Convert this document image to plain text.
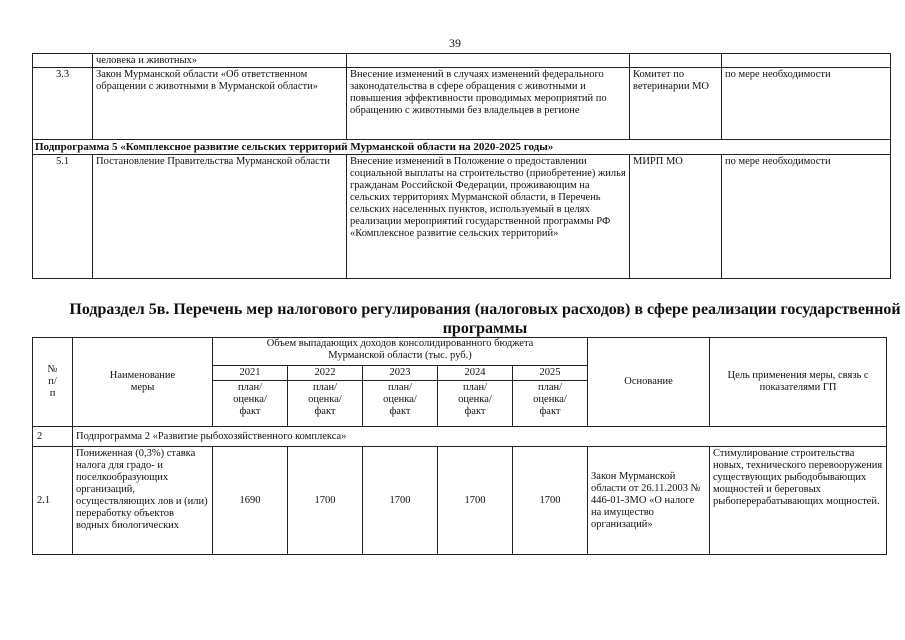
39
	человека и животных»			
3.3	Закон Мурманской области «Об ответственном обращении с животными в Мурманской области»	Внесение изменений в случаях изменений федерального законодательства в сфере обращения с животными и повышения эффективности проводимых мероприятий по обращению с животными без владельцев в регионе	Комитет по ветеринарии МО	по мере необходимости
Подпрограмма 5 «Комплексное развитие сельских территорий Мурманской области на 2020-2025 годы»				
5.1	Постановление Правительства Мурманской области	Внесение изменений в Положение о предоставлении социальной выплаты на строительство (приобретение) жилья гражданам Российской Федерации, проживающим на сельских территориях Мурманской области, в Перечень сельских населенных пунктов, используемый в целях реализации мероприятий государственной программы РФ «Комплексное развитие сельских территорий»	МИРП МО	по мере необходимости
Подраздел 5в. Перечень мер налогового регулирования (налоговых расходов) в сфере реализации государственной программы
№ п/п	Наименование меры	Объем выпадающих доходов консолидированного бюджета Мурманской области (тыс. руб.)					Основание	Цель применения меры, связь с показателями ГП
		2021	2022	2023	2024	2025		
		план/ оценка/ факт	план/ оценка/ факт	план/ оценка/ факт	план/ оценка/ факт	план/ оценка/ факт		
2	Подпрограмма 2 «Развитие рыбохозяйственного комплекса»							
2.1	Пониженная (0,3%) ставка налога для градо- и поселкообразующих организаций, осуществляющих лов и (или) переработку объектов водных биологических	1690	1700	1700	1700	1700	Закон Мурманской области от 26.11.2003 № 446-01-ЗМО «О налоге на имущество организаций»	Стимулирование строительства новых, технического перевооружения существующих рыбодобывающих мощностей и береговых рыбоперерабатывающих мощностей.
